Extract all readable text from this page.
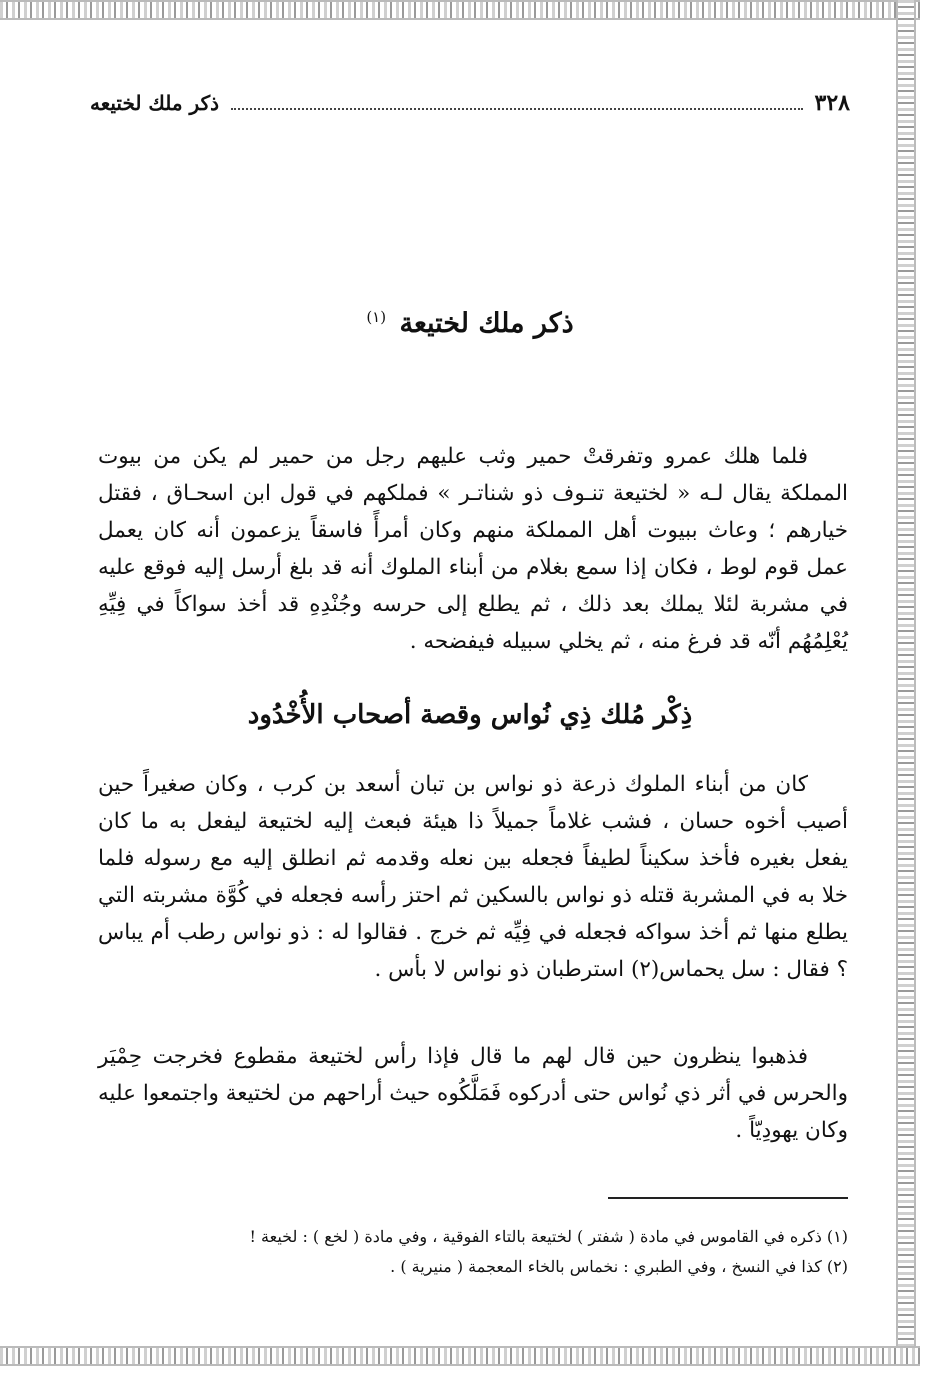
٣٢٨
ذكر ملك لختيعه
ذكر ملك لختيعة $^{(١)}$

فلما هلك عمرو وتفرقتْ حمير وثب عليهم رجل من حمير لم يكن من بيوت المملكة يقال لـه « لختيعة تنـوف ذو شناتـر » فملكهم في قول ابن اسحـاق ، فقتل خيارهم ؛ وعاث ببيوت أهل المملكة منهم وكان أمرأً فاسقاً يزعمون أنه كان يعمل عمل قوم لوط ، فكان إذا سمع بغلام من أبناء الملوك أنه قد بلغ أرسل إليه فوقع عليه في مشربة لئلا يملك بعد ذلك ، ثم يطلع إلى حرسه وجُنْدِهِ قد أخذ سواكاً في فِيِّهِ يُعْلِمُهُم أنّه قد فرغ منه ، ثم يخلي سبيله فيفضحه .

ذِكْر مُلك ذِي نُواس وقصة أصحاب الأُخْدُود

كان من أبناء الملوك ذرعة ذو نواس بن تبان أسعد بن كرب ، وكان صغيراً حين أصيب أخوه حسان ، فشب غلاماً جميلاً ذا هيئة فبعث إليه لختيعة ليفعل به ما كان يفعل بغيره فأخذ سكيناً لطيفاً فجعله بين نعله وقدمه ثم انطلق إليه مع رسوله فلما خلا به في المشربة قتله ذو نواس بالسكين ثم احتز رأسه فجعله في كُوَّة مشربته التي يطلع منها ثم أخذ سواكه فجعله في فِيِّه ثم خرج . فقالوا له : ذو نواس رطب أم يباس ؟ فقال : سل يحماس(٢) استرطبان ذو نواس لا بأس .

فذهبوا ينظرون حين قال لهم ما قال فإذا رأس لختيعة مقطوع فخرجت حِمْيَر والحرس في أثر ذي نُواس حتى أدركوه فَمَلَّكُوه حيث أراحهم من لختيعة واجتمعوا عليه وكان يهودِيّاً .

(١) ذكره في القاموس في مادة ( شفتر ) لختيعة بالتاء الفوقية ، وفي مادة ( لخع ) : لخيعة !

(٢) كذا في النسخ ، وفي الطبري : نخماس بالخاء المعجمة ( منيرية ) .
